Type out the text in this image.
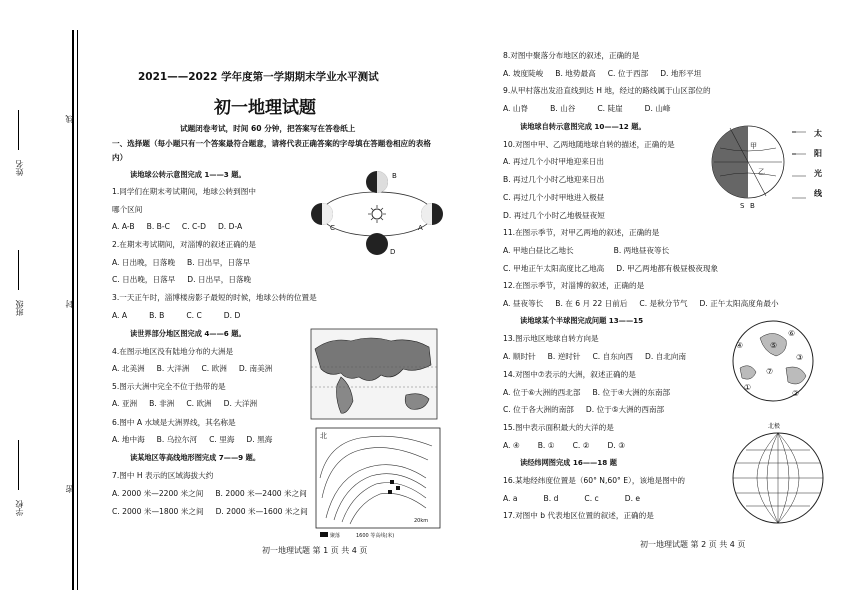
姓名
班级
学校
密
封
线
2021——2022 学年度第一学期期末学业水平测试
初一地理试题
试题闭卷考试，时间 60 分钟，把答案写在答卷纸上
一、选择题（每小题只有一个答案最符合题意，请将代表正确答案的字母填在答题卷相应的表格内）
读地球公转示意图完成 1——3 题。
1.同学们在期末考试期间，地球公转到图中
哪个区间
A. A-B B. B-C C. C-D D. D-A
2.在期末考试期间，对淄博的叙述正确的是
A. 日出晚，日落晚 B. 日出早，日落早
C. 日出晚，日落早 D. 日出早，日落晚
3.一天正午时，淄博楼房影子最短的时候，地球公转的位置是
A. A	B. B	C. C	D. D
读世界部分地区图完成 4——6 题。
4.在图示地区没有陆地分布的大洲是
A. 北美洲 B. 大洋洲 C. 欧洲 D. 南美洲
5.图示大洲中完全不位于热带的是
A. 亚洲 B. 非洲 C. 欧洲 D. 大洋洲
6.图中 A 水域是大洲界线，其名称是
A. 地中海 B. 乌拉尔河 C. 里海 D. 黑海
读某地区等高线地形图完成 7——9 题。
7.图中 H 表示的区域海拔大约
A. 2000 米—2200 米之间 B. 2000 米—2400 米之间
C. 2000 米—1800 米之间 D. 2000 米—1600 米之间
初一地理试题 第 1 页 共 4 页
B
C	A
D
北
20km
聚落	1600 等高线(米)
8.对图中聚落分布地区的叙述，正确的是
A. 坡度陡峻 B. 地势最高 C. 位于西部 D. 地形平坦
9.从甲村落出发沿直线到达 H 地，经过的路线属于山区部位的
A. 山脊	B. 山谷	C. 陡崖	D. 山峰
读地球自转示意图完成 10——12 题。
10.对图中甲、乙两地随地球自转的描述，正确的是
A. 再过几个小时甲地迎来日出
B. 再过几个小时乙地迎来日出
C. 再过几个小时甲地进入极昼
D. 再过几个小时乙地极昼夜短
11.在图示季节，对甲乙两地的叙述，正确的是
A. 甲地白昼比乙地长	B. 两地昼夜等长
C. 甲地正午太阳高度比乙地高 D. 甲乙两地都有极昼极夜现象
12.在图示季节，对淄博的叙述，正确的是
A. 昼夜等长 B. 在 6 月 22 日前后 C. 是秋分节气 D. 正午太阳高度角最小
读地球某个半球图完成问题 13——15
13.图示地区地球自转方向是
A. 顺时针 B. 逆时针 C. 自东向西 D. 自北向南
14.对图中⑦表示的大洲，叙述正确的是
A. 位于⑥大洲的西北部 B. 位于④大洲的东南部
C. 位于各大洲的南部 D. 位于⑤大洲的西南部
15.图中表示面积最大的大洋的是
A. ④ B. ① C. ② D. ③
读经纬网图完成 16——18 题
16.某地经纬度位置是（60° N,60° E），该地是图中的
A. a	B. d	C. c	D. e
17.对图中 b 代表地区位置的叙述，正确的是
初一地理试题 第 2 页 共 4 页
甲
乙
S B
太
阳
光
线
⑤
⑥
④
⑦
①
②
③
北极
